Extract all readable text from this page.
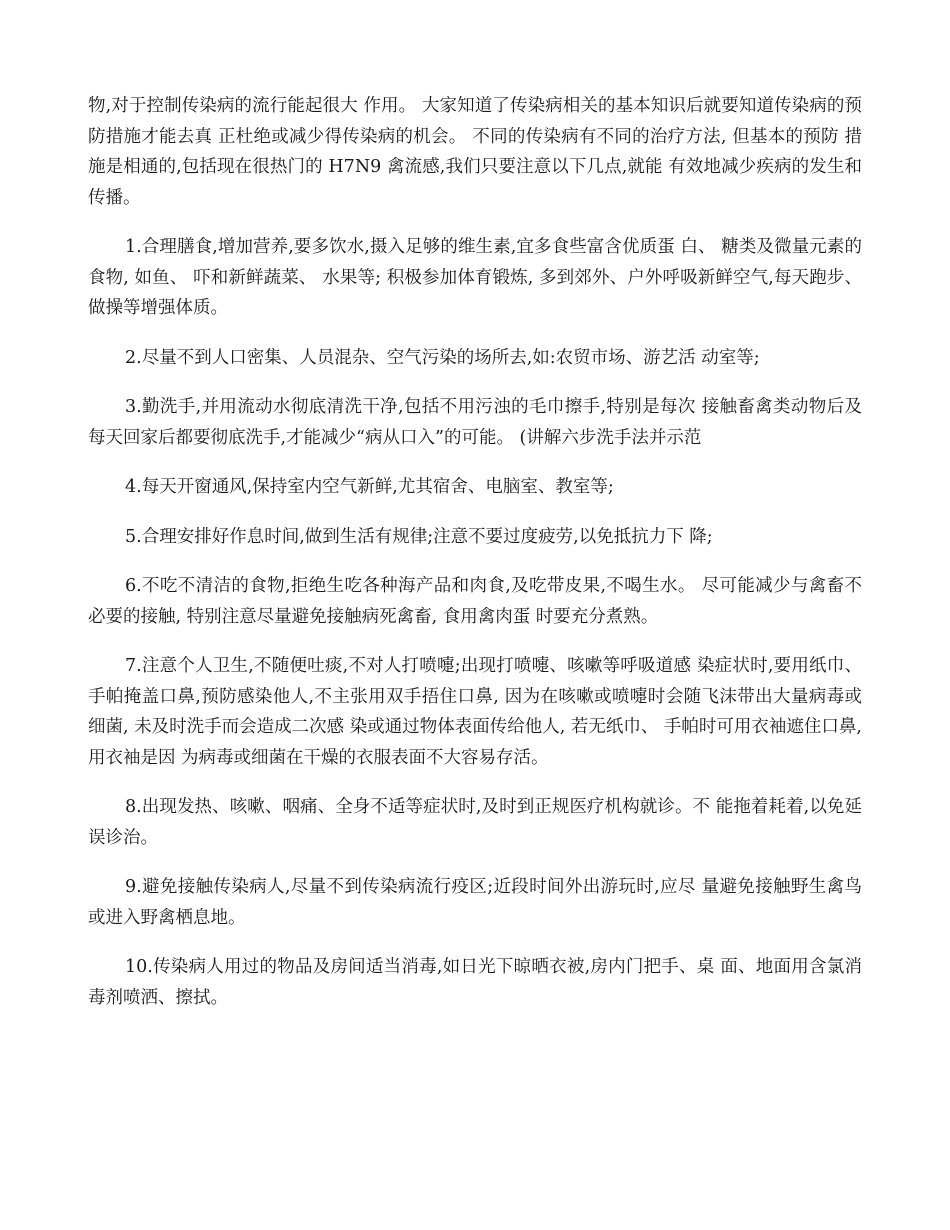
物,对于控制传染病的流行能起很大 作用。 大家知道了传染病相关的基本知识后就要知道传染病的预防措施才能去真 正杜绝或减少得传染病的机会。 不同的传染病有不同的治疗方法, 但基本的预防 措施是相通的,包括现在很热门的 H7N9 禽流感,我们只要注意以下几点,就能 有效地减少疾病的发生和传播。

1.合理膳食,增加营养,要多饮水,摄入足够的维生素,宜多食些富含优质蛋 白、 糖类及微量元素的食物, 如鱼、 吓和新鲜蔬菜、 水果等; 积极参加体育锻炼, 多到郊外、户外呼吸新鲜空气,每天跑步、做操等增强体质。

2.尽量不到人口密集、人员混杂、空气污染的场所去,如:农贸市场、游艺活 动室等;

3.勤洗手,并用流动水彻底清洗干净,包括不用污浊的毛巾擦手,特别是每次 接触畜禽类动物后及每天回家后都要彻底洗手,才能减少“病从口入”的可能。 (讲解六步洗手法并示范

4.每天开窗通风,保持室内空气新鲜,尤其宿舍、电脑室、教室等;

5.合理安排好作息时间,做到生活有规律;注意不要过度疲劳,以免抵抗力下 降;

6.不吃不清洁的食物,拒绝生吃各种海产品和肉食,及吃带皮果,不喝生水。 尽可能减少与禽畜不必要的接触, 特别注意尽量避免接触病死禽畜, 食用禽肉蛋 时要充分煮熟。

7.注意个人卫生,不随便吐痰,不对人打喷嚏;出现打喷嚏、咳嗽等呼吸道感 染症状时,要用纸巾、手帕掩盖口鼻,预防感染他人,不主张用双手捂住口鼻, 因为在咳嗽或喷嚏时会随飞沫带出大量病毒或细菌, 未及时洗手而会造成二次感 染或通过物体表面传给他人, 若无纸巾、 手帕时可用衣袖遮住口鼻, 用衣袖是因 为病毒或细菌在干燥的衣服表面不大容易存活。

8.出现发热、咳嗽、咽痛、全身不适等症状时,及时到正规医疗机构就诊。不 能拖着耗着,以免延误诊治。

9.避免接触传染病人,尽量不到传染病流行疫区;近段时间外出游玩时,应尽 量避免接触野生禽鸟或进入野禽栖息地。

10.传染病人用过的物品及房间适当消毒,如日光下晾晒衣被,房内门把手、桌 面、地面用含氯消毒剂喷洒、擦拭。
